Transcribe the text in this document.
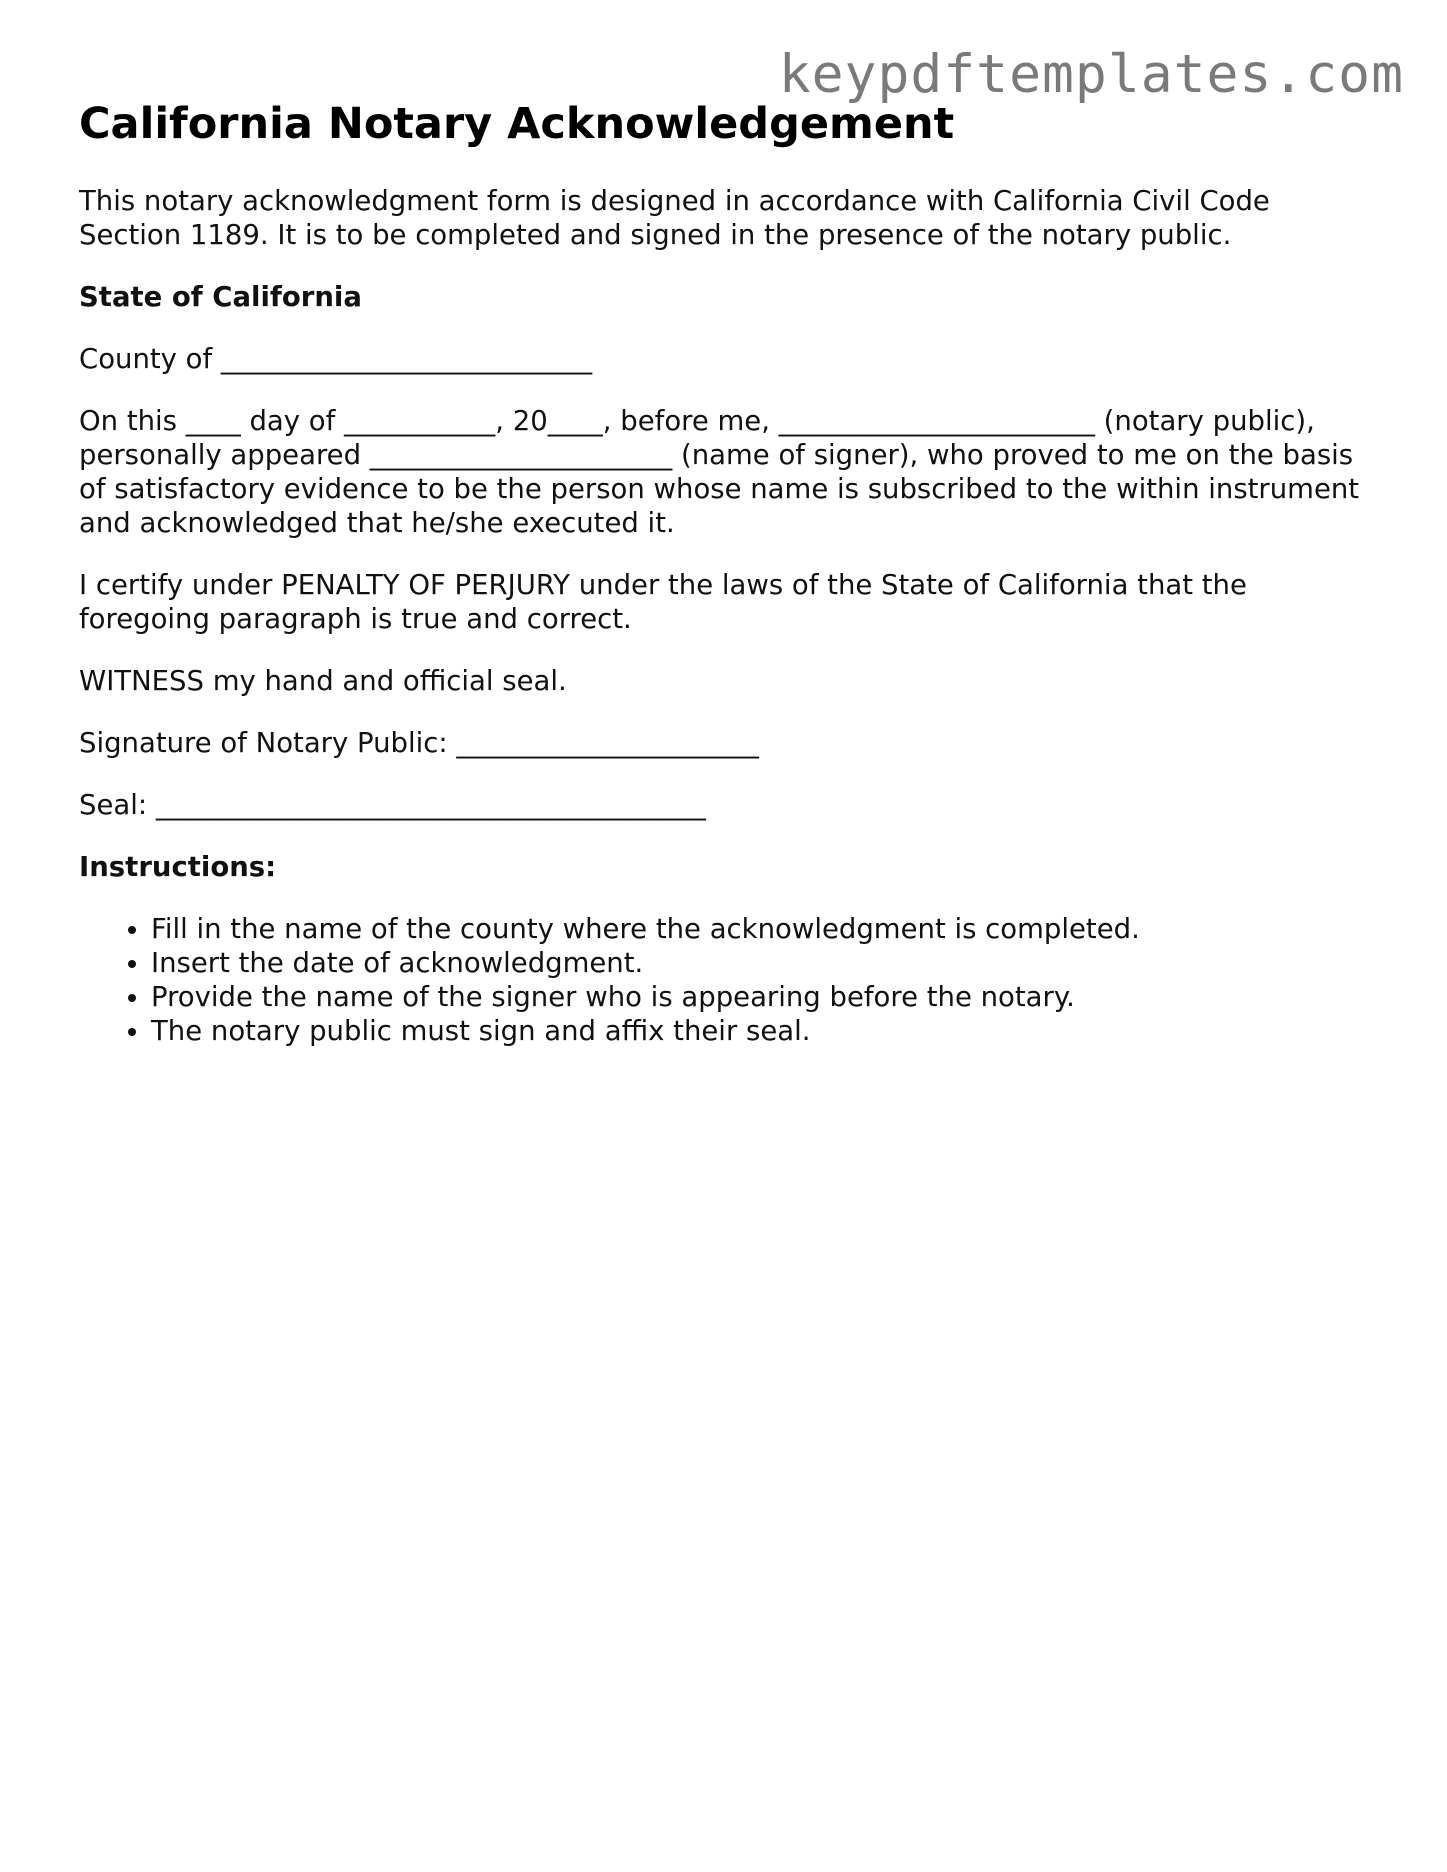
keypdftemplates.com
California Notary Acknowledgement

This notary acknowledgment form is designed in accordance with California Civil Code Section 1189. It is to be completed and signed in the presence of the notary public.

State of California

County of ___________________________

On this ____ day of ___________, 20____, before me, _______________________ (notary public), personally appeared ______________________ (name of signer), who proved to me on the basis of satisfactory evidence to be the person whose name is subscribed to the within instrument and acknowledged that he/she executed it.

I certify under PENALTY OF PERJURY under the laws of the State of California that the foregoing paragraph is true and correct.

WITNESS my hand and official seal.

Signature of Notary Public: ______________________

Seal: ________________________________________

Instructions:

• Fill in the name of the county where the acknowledgment is completed.
• Insert the date of acknowledgment.
• Provide the name of the signer who is appearing before the notary.
• The notary public must sign and affix their seal.
